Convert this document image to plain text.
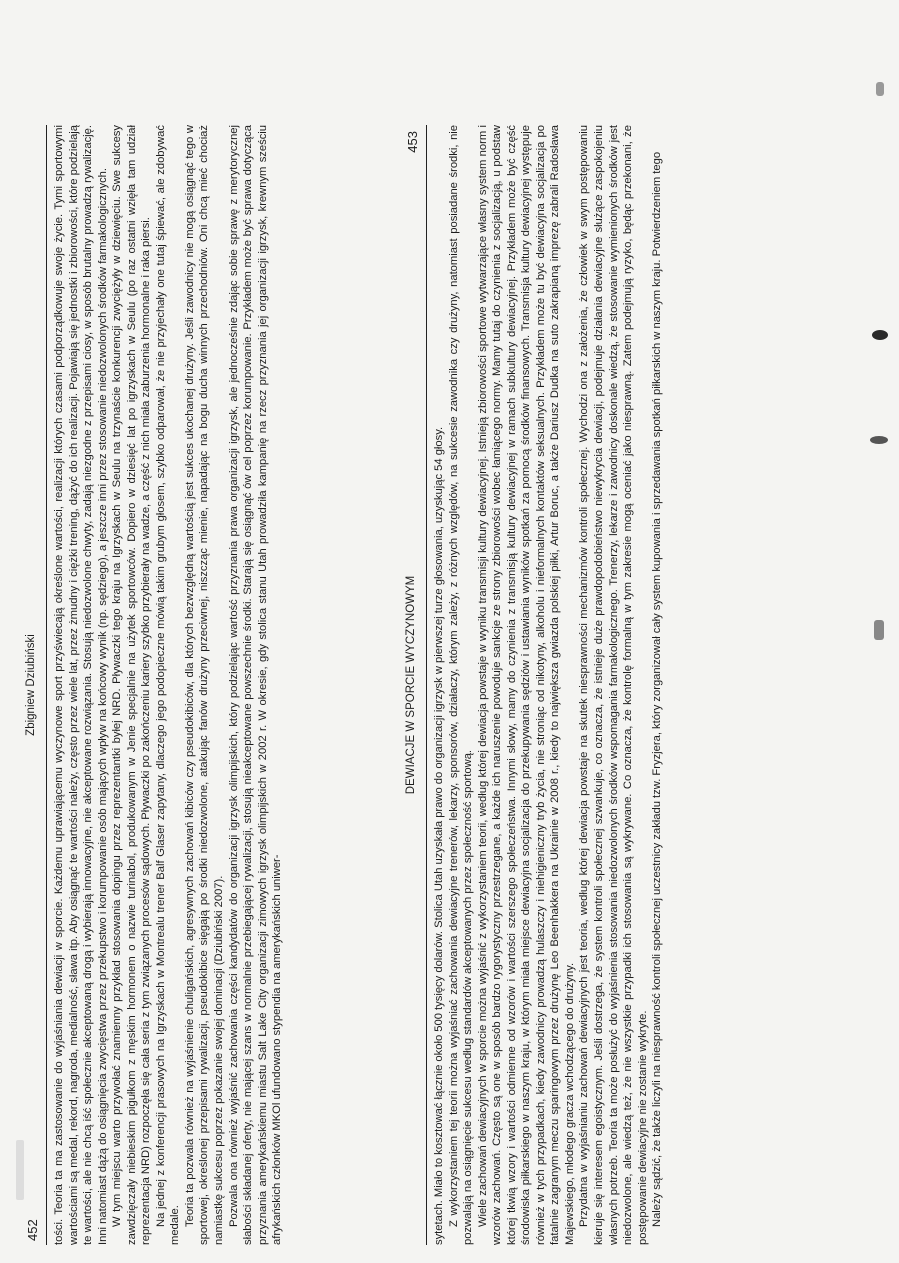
452
Zbigniew Dziubiński tości. Teoria ta ma zastosowanie do wyjaśniania dewiacji w sporcie. Każdemu uprawiającemu wyczynowe sport przyświecają określone wartości, realizacji których czasami podporządkowuje swoje życie. Tymi sportowymi wartościami są medal, rekord, nagroda, medialność, sława itp. Aby osiągnąć te wartości należy, często przez wiele lat, przez żmudny i ciężki trening, dążyć do ich realizacji. Pojawiają się jednostki i zbiorowości, które podzielają te wartości, ale nie chcą iść społecznie akceptowaną drogą i wybierają innowacyjne, nie akceptowane rozwiązania. Stosują niedozwolone chwyty, zadają niezgodne z przepisami ciosy, w sposób brutalny prowadzą rywalizację. Inni natomiast dążą do osiągnięcia zwycięstwa przez przekupstwo i korumpowanie osób mających wpływ na końcowy wynik (np. sędziego), a jeszcze inni przez stosowanie niedozwolonych środków farmakologicznych. W tym miejscu warto przywołać znamienny przykład stosowania dopingu przez reprezentantki byłej NRD. Pływaczki tego kraju na Igrzyskach w Seulu na trzynaście konkurencji zwyciężyły w dziewięciu. Swe sukcesy zawdzięczały niebieskim pigułkom z męskim hormonem o nazwie turinabol, produkowanym w Jenie specjalnie na użytek sportowców. Dopiero w dziesięć lat po igrzyskach w Seulu (po raz ostatni wzięła tam udział reprezentacja NRD) rozpoczęła się cała seria z tym związanych procesów sądowych. Pływaczki po zakończeniu kariery szybko przybierały na wadze, a część z nich miała zaburzenia hormonalne i raka piersi. Na jednej z konferencji prasowych na Igrzyskach w Montrealu trener Balf Glaser zapytany, dlaczego jego podopieczne mówią takim grubym głosem, szybko odparował, że nie przyjechały one tutaj śpiewać, ale zdobywać medale. Teoria ta pozwala również na wyjaśnienie chuligańskich, agresywnych zachowań kibiców czy pseudokibiców, dla których bezwzględną wartością jest sukces ukochanej drużyny. Jeśli zawodnicy nie mogą osiągnąć tego w sportowej, określonej przepisami rywalizacji, pseudokibice sięgają po środki niedozwolone, atakując fanów drużyny przeciwnej, niszcząc mienie, napadając na bogu ducha winnych przechodniów. Oni chcą mieć chociaż namiastkę sukcesu poprzez pokazanie swojej dominacji (Dziubiński 2007). Pozwala ona również wyjaśnić zachowania części kandydatów do organizacji igrzysk olimpijskich, który podzielając wartość przyznania prawa organizacji igrzysk, ale jednocześnie zdając sobie sprawę z merytorycznej słabości składanej oferty, nie mającej szans w normalnie przebiegającej rywalizacji, stosują nieakceptowane powszechnie środki. Starają się osiągnąć ów cel poprzez korumpowanie. Przykładem może być sprawa dotycząca przyznania amerykańskiemu miastu Salt Lake City organizacji zimowych igrzysk olimpijskich w 2002 r. W okresie, gdy stolica stanu Utah prowadziła kampanię na rzecz przyznania jej organizacji igrzysk, krewnym sześciu afrykańskich członków MKOl ufundowano stypendia na amerykańskich uniwer-

DEWIACJE W SPORCIE WYCZYNOWYM
453

sytetach. Miało to kosztować łącznie około 500 tysięcy dolarów. Stolica Utah uzyskała prawo do organizacji igrzysk w pierwszej turze głosowania, uzyskując 54 głosy. Z wykorzystaniem tej teorii można wyjaśniać zachowania dewiacyjne trenerów, lekarzy, sponsorów, działaczy, którym zależy, z różnych względów, na sukcesie zawodnika czy drużyny, natomiast posiadane środki, nie pozwalają na osiągnięcie sukcesu według standardów akceptowanych przez społeczność sportową. Wiele zachowań dewiacyjnych w sporcie można wyjaśnić z wykorzystaniem teorii, według której dewiacja powstaje w wyniku transmisji kultury dewiacyjnej. Istnieją zbiorowości sportowe wytwarzające własny system norm i wzorów zachowań. Często są one w sposób bardzo rygorystyczny przestrzegane, a każde ich naruszenie powoduje sankcje ze strony zbiorowości wobec łamiącego normy. Mamy tutaj do czynienia z socjalizacją, u podstaw której tkwią wzory i wartości odmienne od wzorów i wartości szerszego społeczeństwa. Innymi słowy, mamy do czynienia z transmisją kultury dewiacyjnej w ramach subkultury dewiacyjnej. Przykładem może być część środowiska piłkarskiego w naszym kraju, w którym miała miejsce dewiacyjna socjalizacja do przekupywania sędziów i ustawiania wyników spotkań za pomocą środków finansowych. Transmisja kultury dewiacyjnej występuje również w tych przypadkach, kiedy zawodnicy prowadzą hulaszczy i niehigieniczny tryb życia, nie stroniąc od nikotyny, alkoholu i nieformalnych kontaktów seksualnych. Przykładem może tu być dewiacyjna socjalizacja po fatalnie zagranym meczu sparingowym przez drużynę Leo Beenhakkera na Ukrainie w 2008 r., kiedy to największa gwiazda polskiej piłki, Artur Boruc, a także Dariusz Dudka na suto zakrapianą imprezę zabrali Radosława Majewskiego, młodego gracza wchodzącego do drużyny. Przydatna w wyjaśnianiu zachowań dewiacyjnych jest teoria, według której dewiacja powstaje na skutek niesprawności mechanizmów kontroli społecznej. Wychodzi ona z założenia, że człowiek w swym postępowaniu kieruje się interesem egoistycznym. Jeśli dostrzega, że system kontroli społecznej szwankuje, co oznacza, że istnieje duże prawdopodobieństwo niewykrycia dewiacji, podejmuje działania dewiacyjne służące zaspokojeniu własnych potrzeb. Teoria ta może posłużyć do wyjaśnienia stosowania niedozwolonych środków wspomagania farmakologicznego. Trenerzy, lekarze i zawodnicy doskonale wiedzą, że stosowanie wymienionych środków jest niedozwolone, ale wiedzą też, że nie wszystkie przypadki ich stosowania są wykrywane. Co oznacza, że kontrolę formalną w tym zakresie mogą oceniać jako niesprawną. Zatem podejmują ryzyko, będąc przekonani, że postępowanie dewiacyjne nie zostanie wykryte. Należy sądzić, że także liczyli na niesprawność kontroli społecznej uczestnicy zakładu tzw. Fryzjera, który zorganizował cały system kupowania i sprzedawania spotkań piłkarskich w naszym kraju. Potwierdzeniem tego
